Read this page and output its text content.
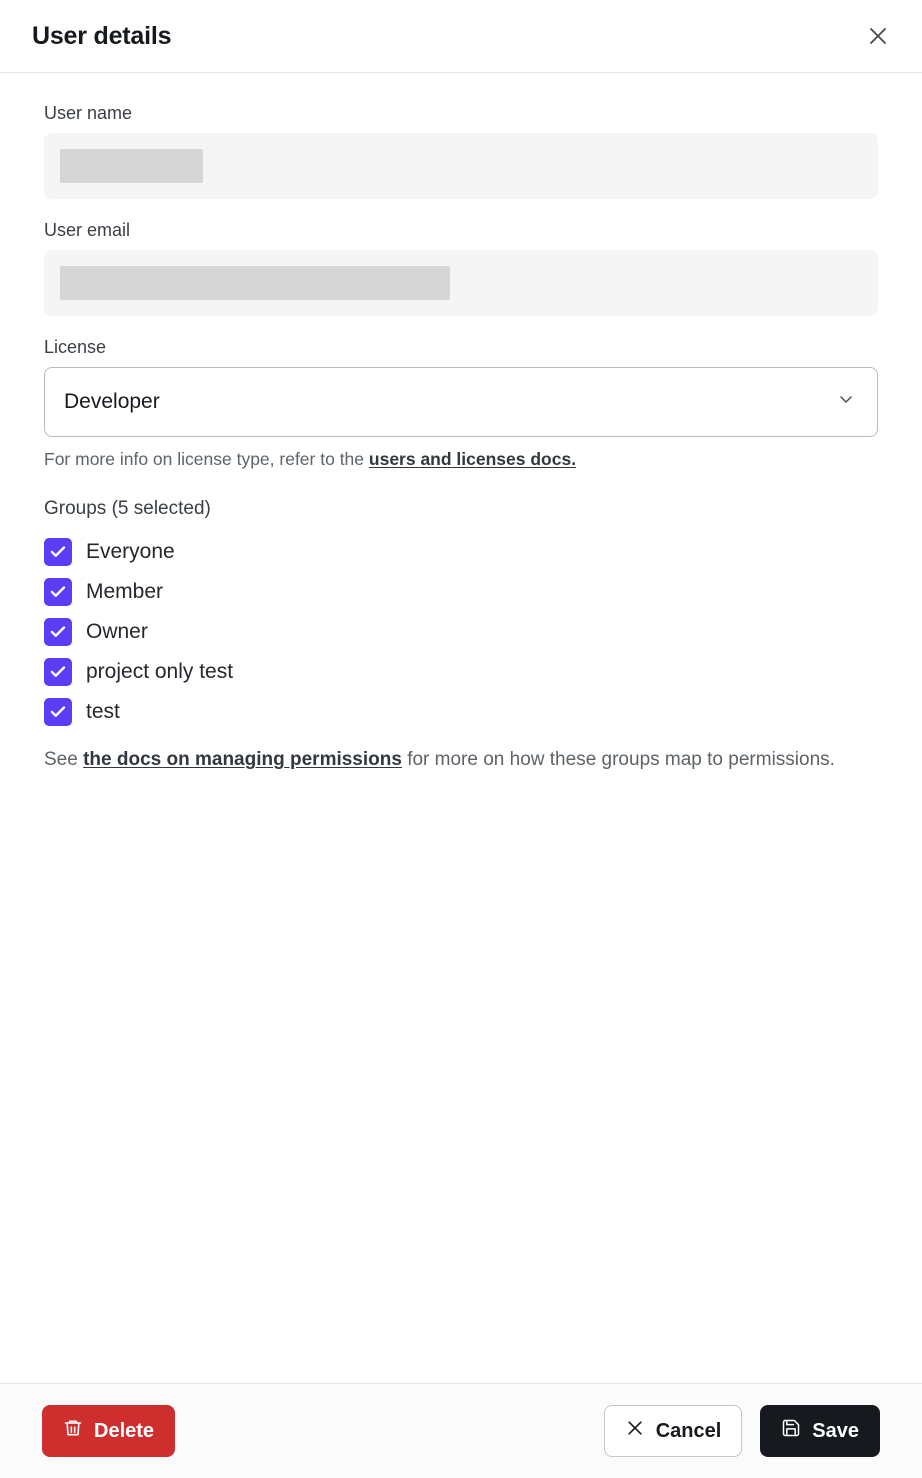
User details
User name
User email
License
Developer
For more info on license type, refer to the users and licenses docs.
Groups (5 selected)
Everyone
Member
Owner
project only test
test
See the docs on managing permissions for more on how these groups map to permissions.
Delete	Cancel	Save
